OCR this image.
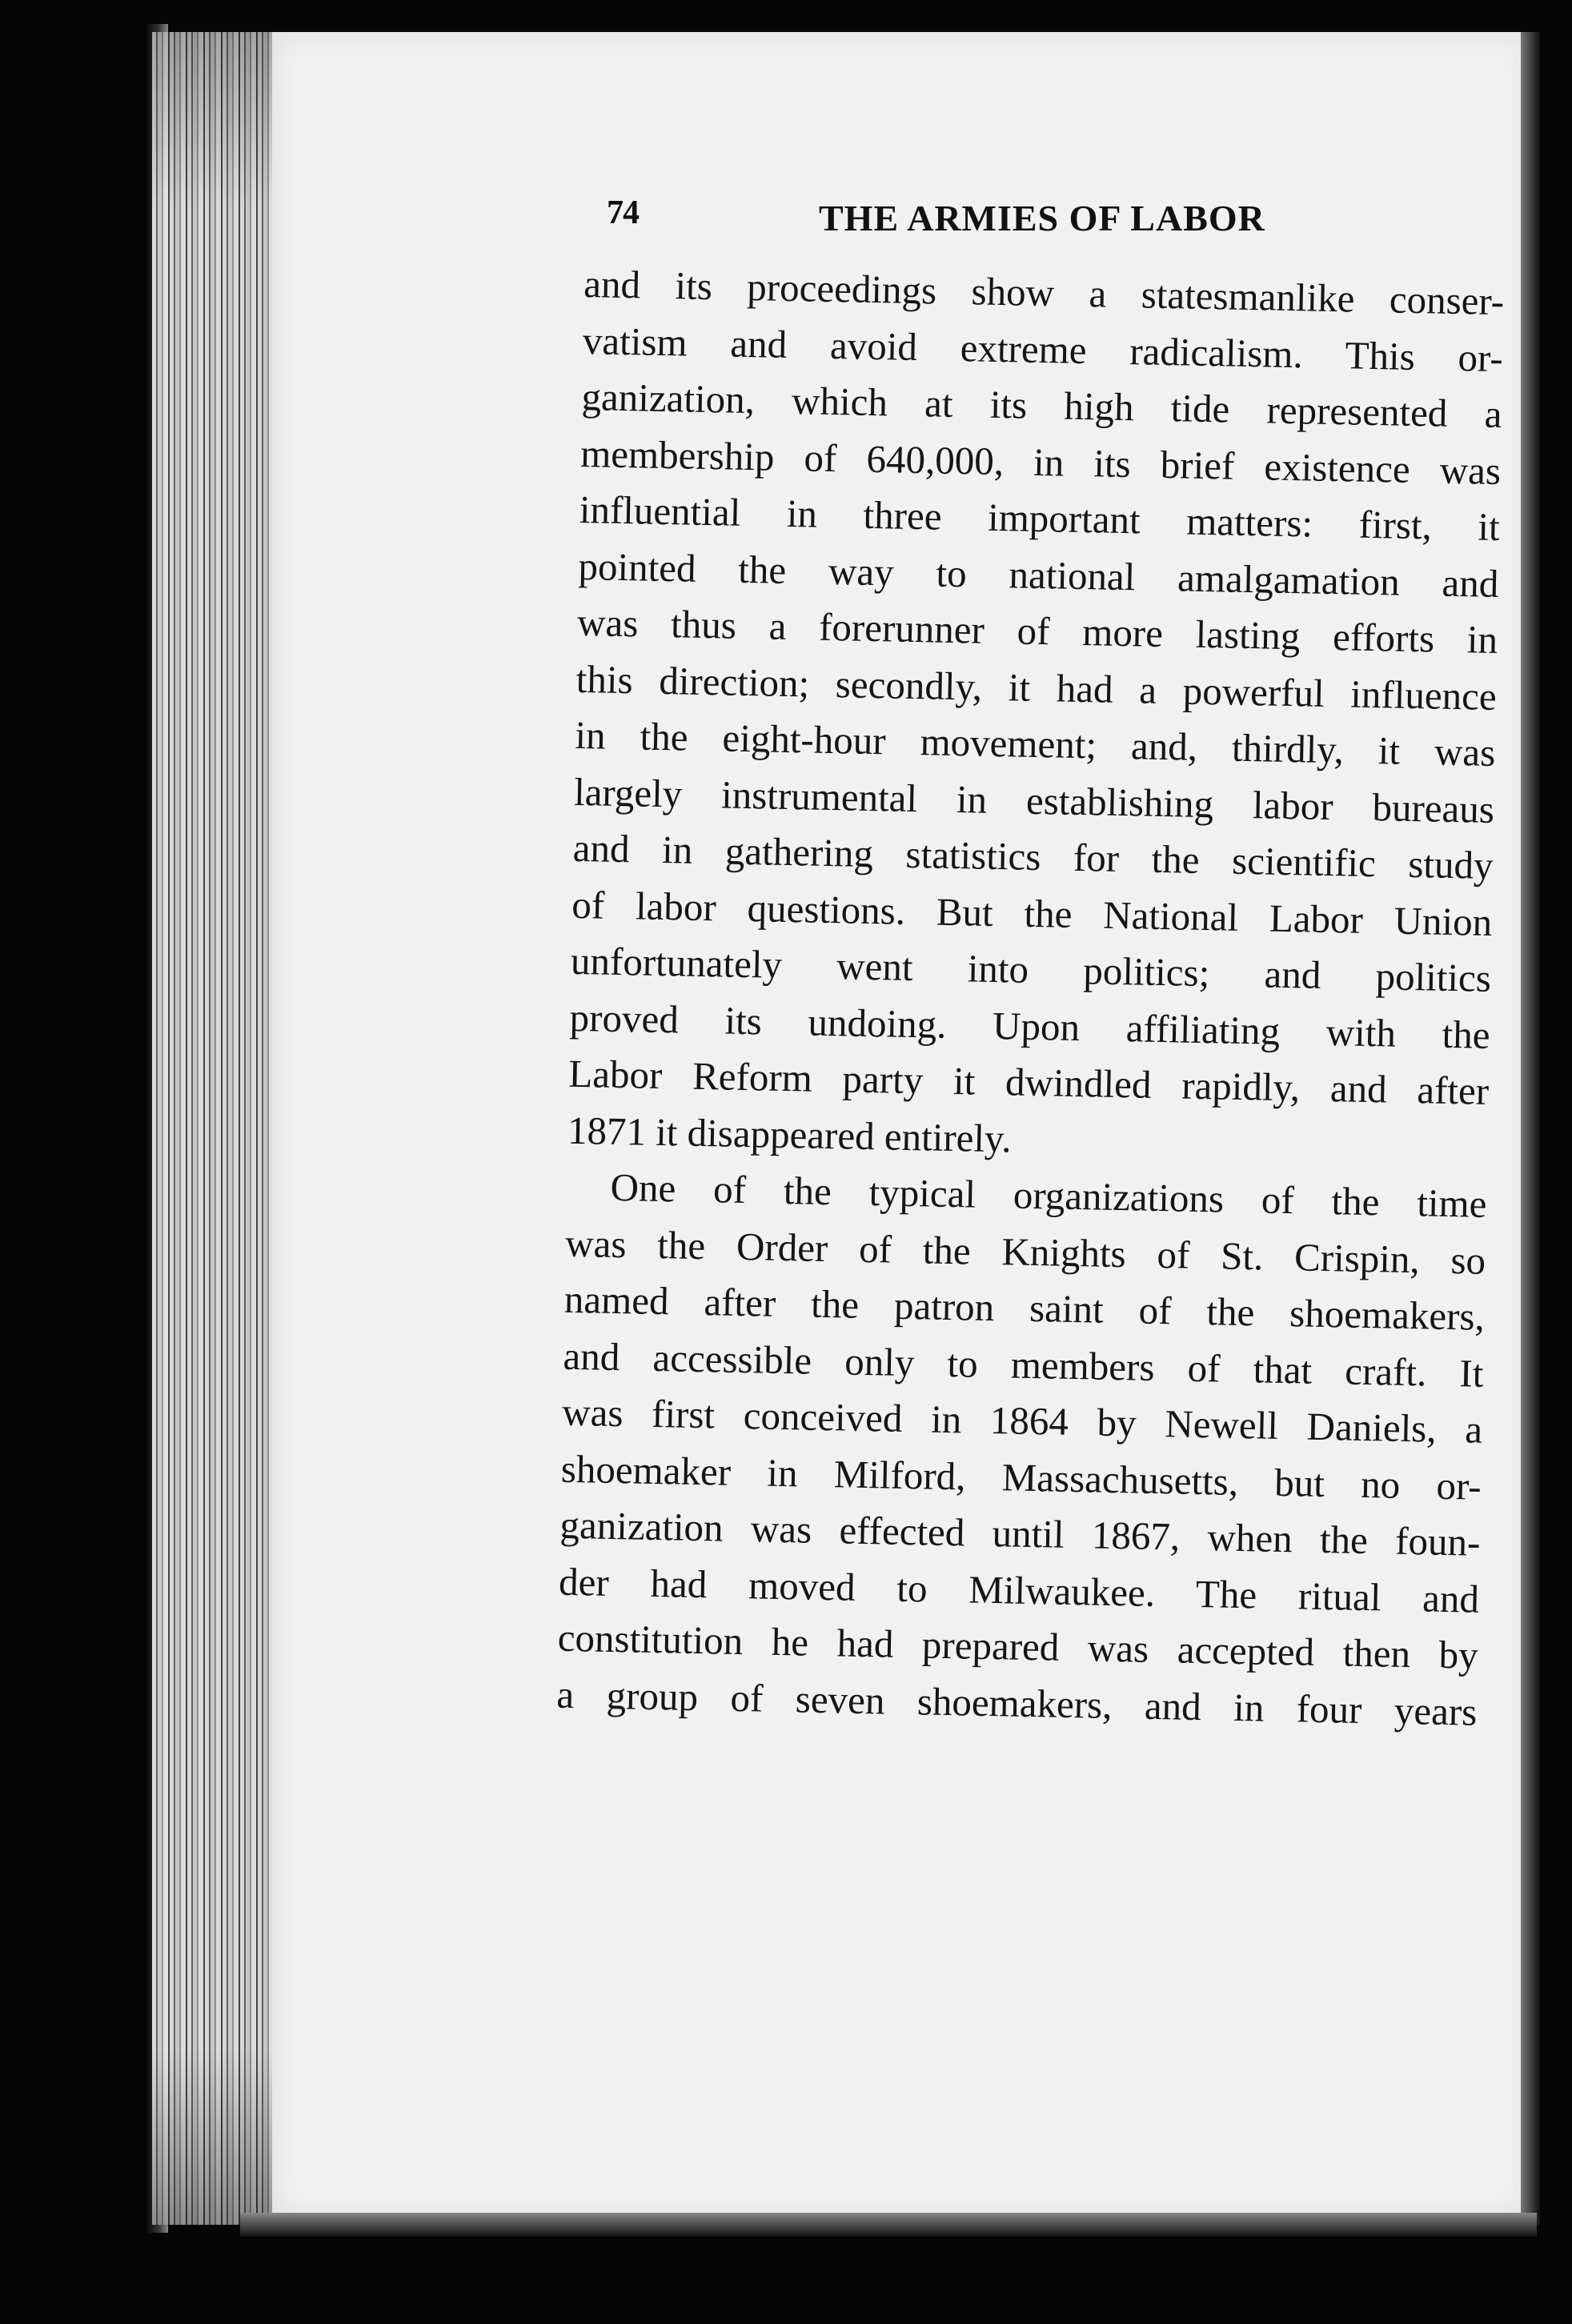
74	THE ARMIES OF LABOR
and its proceedings show a statesmanlike conser-
vatism and avoid extreme radicalism. This or-
ganization, which at its high tide represented a
membership of 640,000, in its brief existence was
influential in three important matters: first, it
pointed the way to national amalgamation and
was thus a forerunner of more lasting efforts in
this direction; secondly, it had a powerful influence
in the eight-hour movement; and, thirdly, it was
largely instrumental in establishing labor bureaus
and in gathering statistics for the scientific study
of labor questions. But the National Labor Union
unfortunately went into politics; and politics
proved its undoing. Upon affiliating with the
Labor Reform party it dwindled rapidly, and after
1871 it disappeared entirely.
One of the typical organizations of the time
was the Order of the Knights of St. Crispin, so
named after the patron saint of the shoemakers,
and accessible only to members of that craft. It
was first conceived in 1864 by Newell Daniels, a
shoemaker in Milford, Massachusetts, but no or-
ganization was effected until 1867, when the foun-
der had moved to Milwaukee. The ritual and
constitution he had prepared was accepted then by
a group of seven shoemakers, and in four years
